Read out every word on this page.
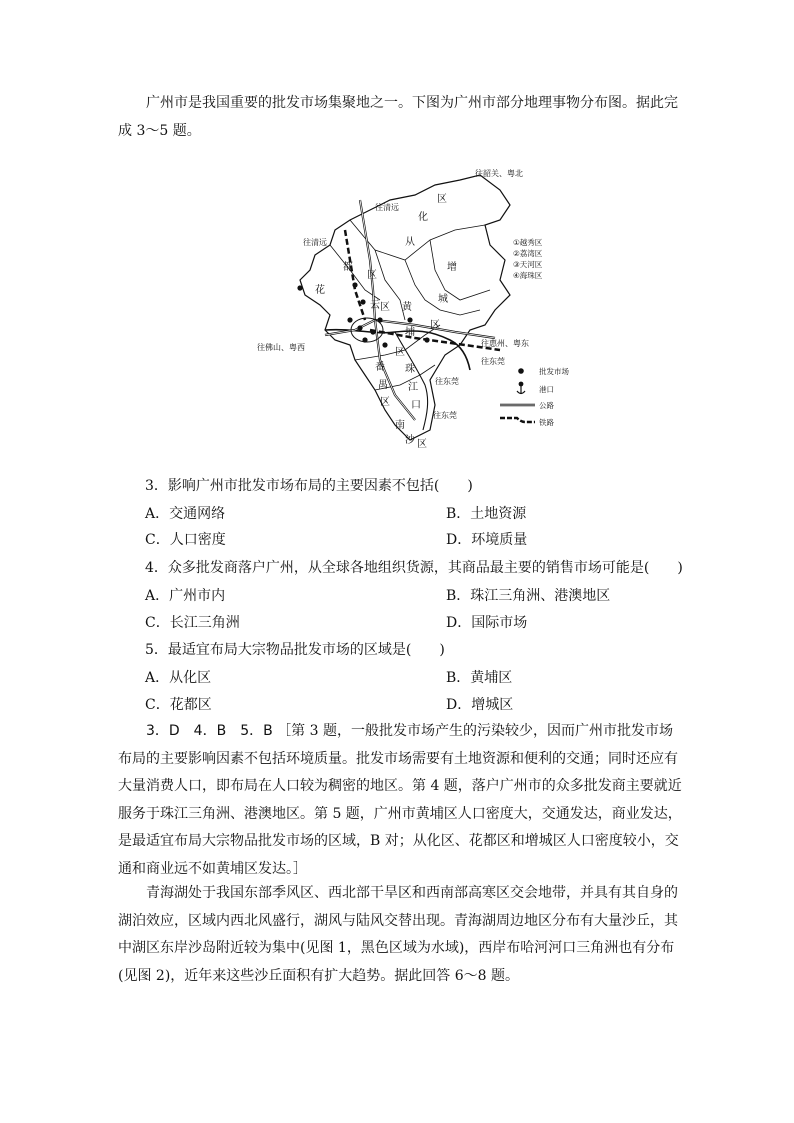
广州市是我国重要的批发市场集聚地之一。下图为广州市部分地理事物分布图。据此完
成 3～5 题。
往韶关、粤北
往清远
往清远
往佛山、粤西	往惠州、粤东
往东莞
往东莞
往东莞
从
化
区
花
都
区
云
增
城
黄
埔
区
区
区
番
禺
区
珠
江
口
南
沙 区
①越秀区
②荔湾区
③天河区
④海珠区
批发市场
港口
公路
铁路
3．影响广州市批发市场布局的主要因素不包括(　　)
A．交通网络	B．土地资源
C．人口密度	D．环境质量
4．众多批发商落户广州，从全球各地组织货源，其商品最主要的销售市场可能是(　　)
A．广州市内	B．珠江三角洲、港澳地区
C．长江三角洲	D．国际市场
5．最适宜布局大宗物品批发市场的区域是(　　)
A．从化区	B．黄埔区
C．花都区	D．增城区

3．D　4．B　5．B ［第 3 题，一般批发市场产生的污染较少，因而广州市批发市场布局的主要影响因素不包括环境质量。批发市场需要有土地资源和便利的交通；同时还应有大量消费人口，即布局在人口较为稠密的地区。第 4 题，落户广州市的众多批发商主要就近服务于珠江三角洲、港澳地区。第 5 题，广州市黄埔区人口密度大，交通发达，商业发达，是最适宜布局大宗物品批发市场的区域，B 对；从化区、花都区和增城区人口密度较小，交通和商业远不如黄埔区发达。］

青海湖处于我国东部季风区、西北部干旱区和西南部高寒区交会地带，并具有其自身的湖泊效应，区域内西北风盛行，湖风与陆风交替出现。青海湖周边地区分布有大量沙丘，其中湖区东岸沙岛附近较为集中(见图 1，黑色区域为水域)，西岸布哈河河口三角洲也有分布(见图 2)，近年来这些沙丘面积有扩大趋势。据此回答 6～8 题。
